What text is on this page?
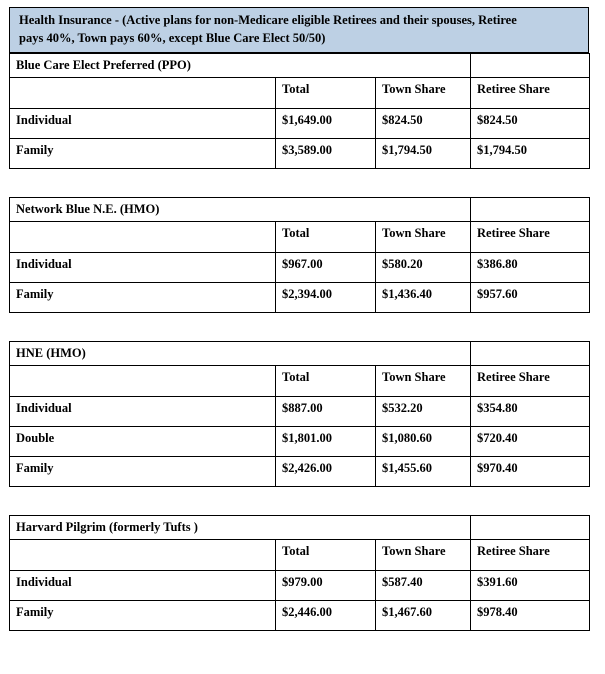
Health Insurance - (Active plans for non-Medicare eligible Retirees and their spouses, Retiree
pays 40%, Town pays 60%, except Blue Care Elect 50/50)
Blue Care Elect Preferred (PPO)			
	Total	Town Share	Retiree Share
Individual	$1,649.00	$824.50	$824.50
Family	$3,589.00	$1,794.50	$1,794.50
Network Blue N.E. (HMO)			
	Total	Town Share	Retiree Share
Individual	$967.00	$580.20	$386.80
Family	$2,394.00	$1,436.40	$957.60
HNE (HMO)			
	Total	Town Share	Retiree Share
Individual	$887.00	$532.20	$354.80
Double	$1,801.00	$1,080.60	$720.40
Family	$2,426.00	$1,455.60	$970.40
Harvard Pilgrim (formerly Tufts )			
	Total	Town Share	Retiree Share
Individual	$979.00	$587.40	$391.60
Family	$2,446.00	$1,467.60	$978.40
